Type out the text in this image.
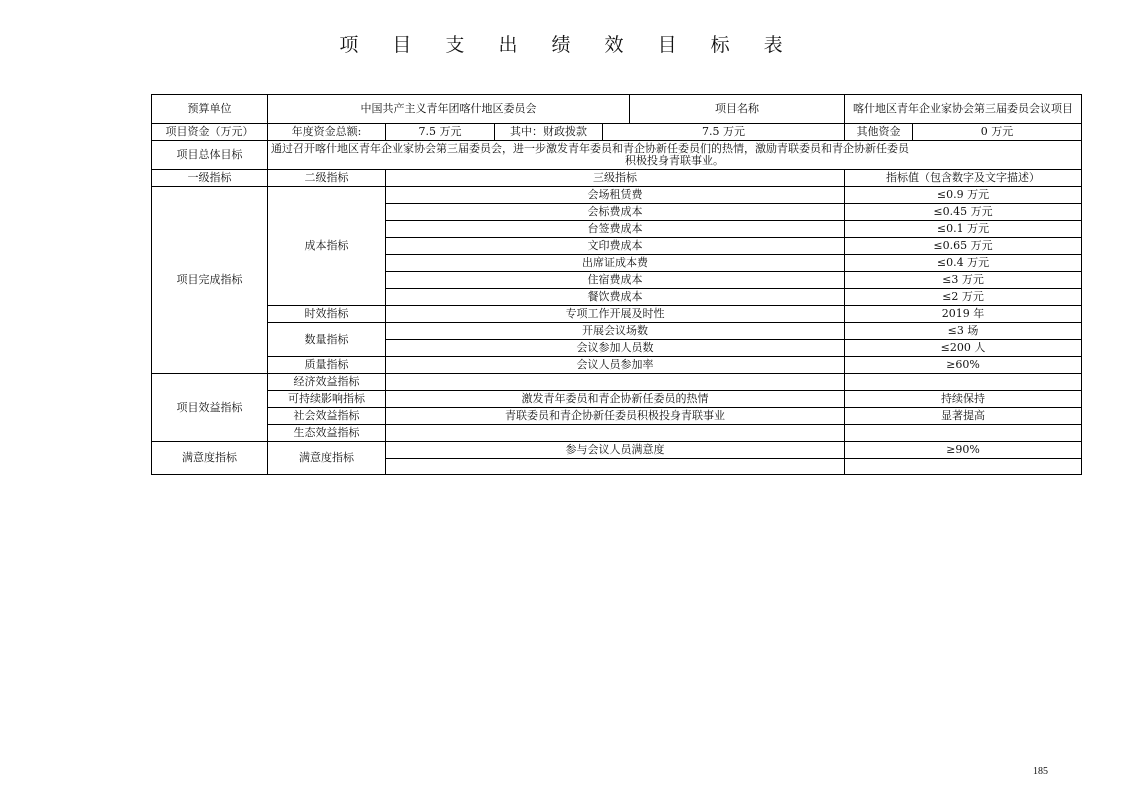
项 目 支 出 绩 效 目 标 表
预算单位	中国共产主义青年团喀什地区委员会				项目名称	喀什地区青年企业家协会第三届委员会议项目	
项目资金（万元）	年度资金总额:	7.5 万元	其中：财政拨款	7.5 万元		其他资金	0 万元
项目总体目标	通过召开喀什地区青年企业家协会第三届委员会，进一步激发青年委员和青企协新任委员们的热情，激励青联委员和青企协新任委员
积极投身青联事业。						

一级指标	二级指标	三级指标				指标值（包含数字及文字描述）	
项目完成指标	成本指标	会场租赁费				≤0.9 万元	
		会标费成本				≤0.45 万元	
		台签费成本				≤0.1 万元	
		文印费成本				≤0.65 万元	
		出席证成本费				≤0.4 万元	
		住宿费成本				≤3 万元	
		餐饮费成本				≤2 万元	
	时效指标	专项工作开展及时性				2019 年	
	数量指标	开展会议场数				≤3 场	
		会议参加人员数				≤200 人	
	质量指标	会议人员参加率				≥60%	
项目效益指标	经济效益指标						
	可持续影响指标	激发青年委员和青企协新任委员的热情				持续保持	
	社会效益指标	青联委员和青企协新任委员积极投身青联事业				显著提高	
	生态效益指标						
满意度指标	满意度指标	参与会议人员满意度				≥90%	

185
